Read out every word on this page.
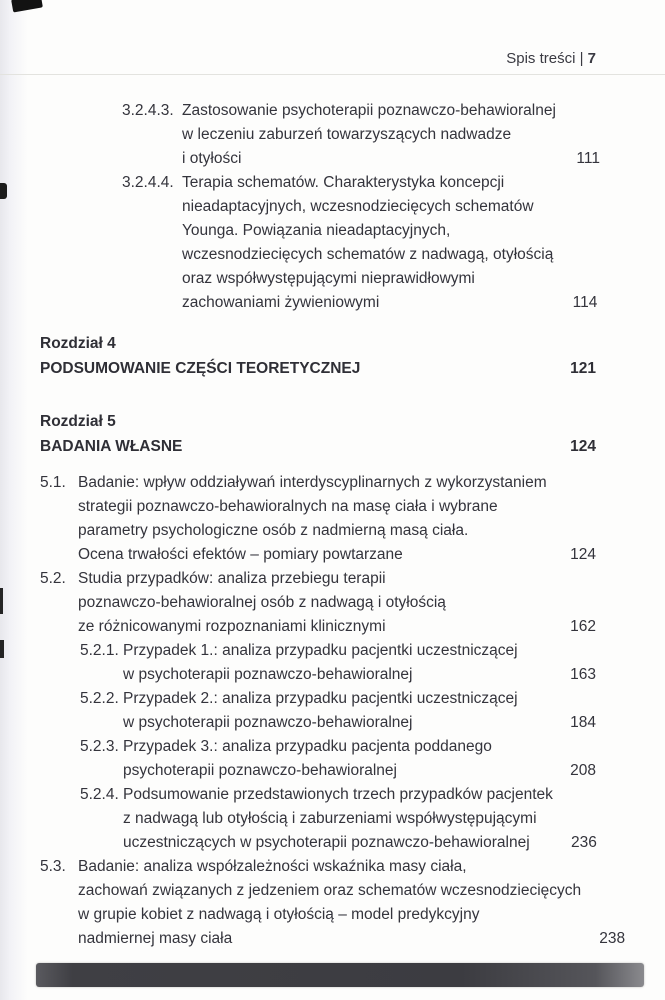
Spis treści | 7
3.2.4.3. Zastosowanie psychoterapii poznawczo-behawioralnej
w leczeniu zaburzeń towarzyszących nadwadze
i otyłości	111
3.2.4.4. Terapia schematów. Charakterystyka koncepcji
nieadaptacyjnych, wczesnodziecięcych schematów
Younga. Powiązania nieadaptacyjnych,
wczesnodziecięcych schematów z nadwagą, otyłością
oraz współwystępującymi nieprawidłowymi
zachowaniami żywieniowymi	114
Rozdział 4
PODSUMOWANIE CZĘŚCI TEORETYCZNEJ	121
Rozdział 5
BADANIA WŁASNE	124
5.1. Badanie: wpływ oddziaływań interdyscyplinarnych z wykorzystaniem
strategii poznawczo-behawioralnych na masę ciała i wybrane
parametry psychologiczne osób z nadmierną masą ciała.
Ocena trwałości efektów – pomiary powtarzane	124
5.2. Studia przypadków: analiza przebiegu terapii
poznawczo-behawioralnej osób z nadwagą i otyłością
ze różnicowanymi rozpoznaniami klinicznymi	162
5.2.1. Przypadek 1.: analiza przypadku pacjentki uczestniczącej
w psychoterapii poznawczo-behawioralnej	163
5.2.2. Przypadek 2.: analiza przypadku pacjentki uczestniczącej
w psychoterapii poznawczo-behawioralnej	184
5.2.3. Przypadek 3.: analiza przypadku pacjenta poddanego
psychoterapii poznawczo-behawioralnej	208
5.2.4. Podsumowanie przedstawionych trzech przypadków pacjentek
z nadwagą lub otyłością i zaburzeniami współwystępującymi
uczestniczących w psychoterapii poznawczo-behawioralnej	236
5.3. Badanie: analiza współzależności wskaźnika masy ciała,
zachowań związanych z jedzeniem oraz schematów wczesnodziecięcych
w grupie kobiet z nadwagą i otyłością – model predykcyjny
nadmiernej masy ciała	238
